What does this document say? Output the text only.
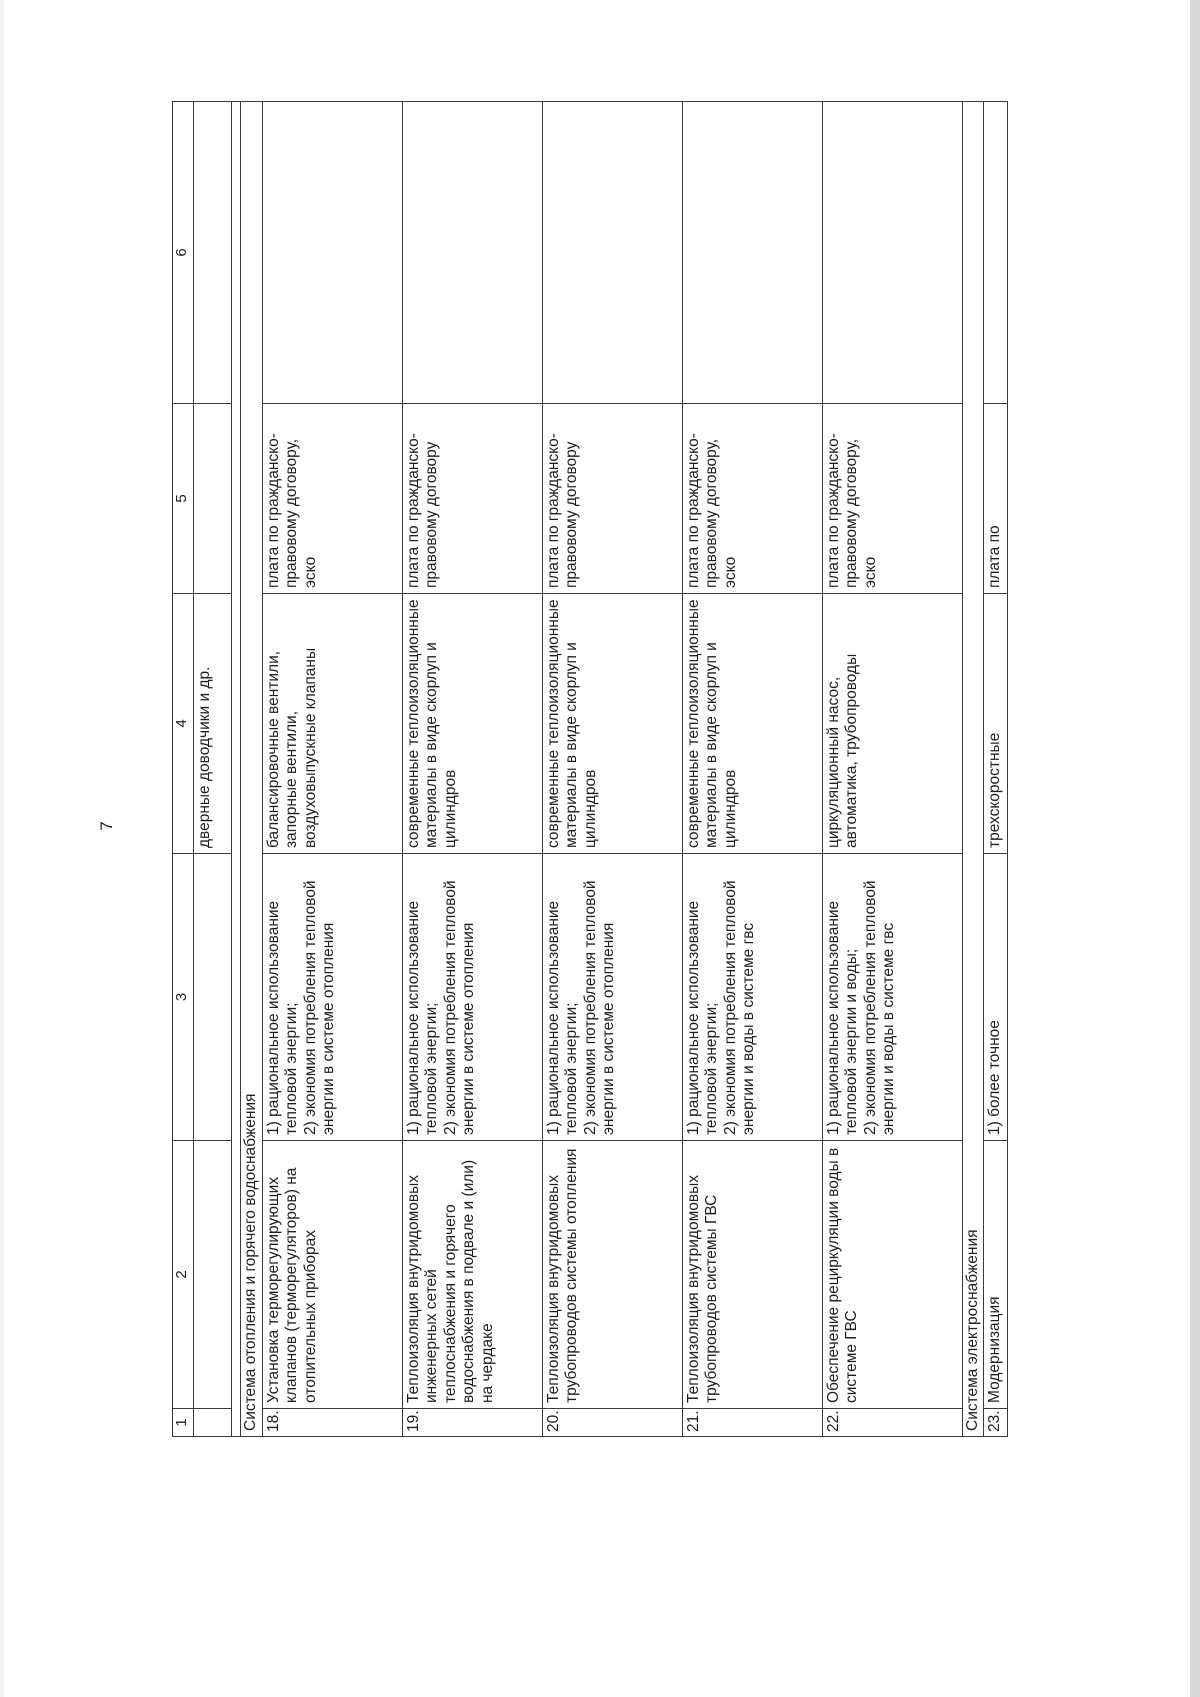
7
1	2	3	4	5	6
			дверные доводчики и др.		

Система отопления и горячего водоснабжения					
18.	Установка терморегулирующих клапанов (терморегуляторов) на отопительных приборах	1) рациональное использование тепловой энергии; 2) экономия потребления тепловой энергии в системе отопления	балансировочные вентили, запорные вентили, воздуховыпускные клапаны	плата по гражданско-правовому договору, эско	
19.	Теплоизоляция внутридомовых инженерных сетей теплоснабжения и горячего водоснабжения в подвале и (или) на чердаке	1) рациональное использование тепловой энергии; 2) экономия потребления тепловой энергии в системе отопления	современные теплоизоляционные материалы в виде скорлуп и цилиндров	плата по гражданско-правовому договору	
20.	Теплоизоляция внутридомовых трубопроводов системы отопления	1) рациональное использование тепловой энергии; 2) экономия потребления тепловой энергии в системе отопления	современные теплоизоляционные материалы в виде скорлуп и цилиндров	плата по гражданско-правовому договору	
21.	Теплоизоляция внутридомовых трубопроводов системы ГВС	1) рациональное использование тепловой энергии; 2) экономия потребления тепловой энергии и воды в системе гвс	современные теплоизоляционные материалы в виде скорлуп и цилиндров	плата по гражданско-правовому договору, эско	
22.	Обеспечение рециркуляции воды в системе ГВС	1) рациональное использование тепловой энергии и воды; 2) экономия потребления тепловой энергии и воды в системе гвс	циркуляционный насос, автоматика, трубопроводы	плата по гражданско-правовому договору, эско	
Система электроснабжения					
23.	Модернизация	1) более точное	трехскоростные	плата по	
